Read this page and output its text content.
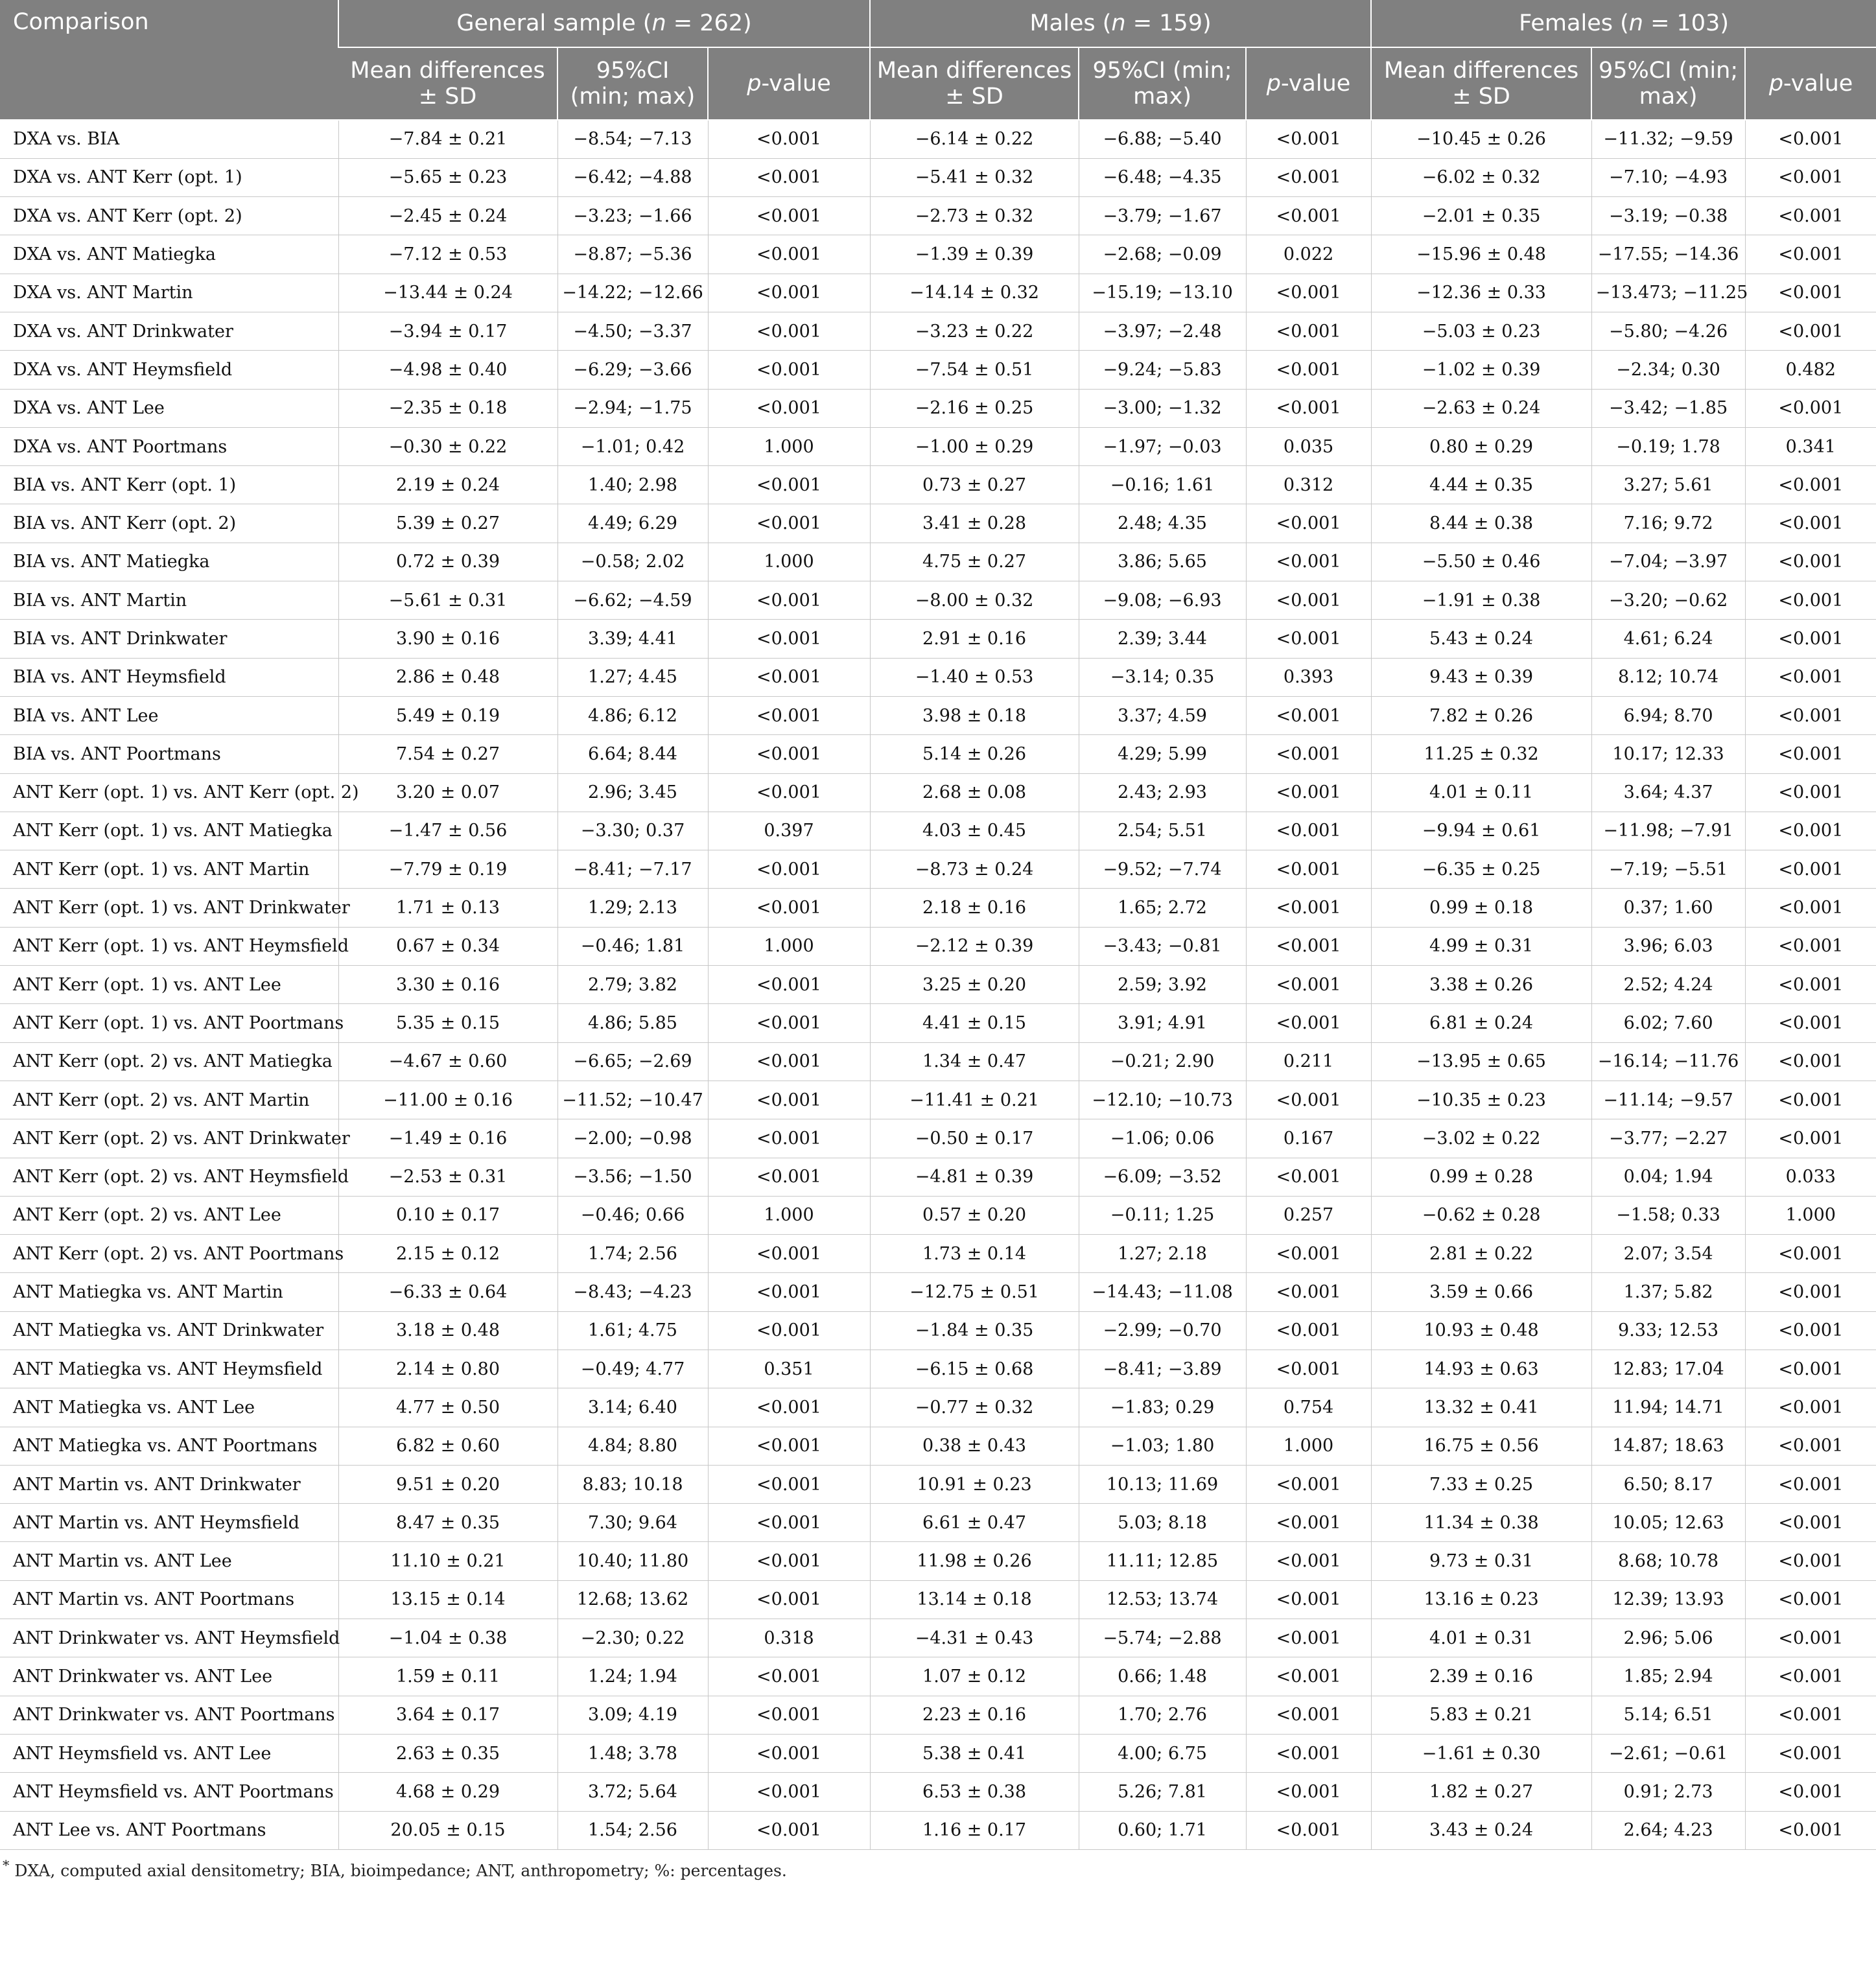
Comparison	General sample (n = 262)			Males (n = 159)			Females (n = 103)		
	Mean differences ± SD	95%CI (min; max)	p-value	Mean differences ± SD	95%CI (min; max)	p-value	Mean differences ± SD	95%CI (min; max)	p-value
DXA vs. BIA	−7.84 ± 0.21	−8.54; −7.13	<0.001	−6.14 ± 0.22	−6.88; −5.40	<0.001	−10.45 ± 0.26	−11.32; −9.59	<0.001
DXA vs. ANT Kerr (opt. 1)	−5.65 ± 0.23	−6.42; −4.88	<0.001	−5.41 ± 0.32	−6.48; −4.35	<0.001	−6.02 ± 0.32	−7.10; −4.93	<0.001
DXA vs. ANT Kerr (opt. 2)	−2.45 ± 0.24	−3.23; −1.66	<0.001	−2.73 ± 0.32	−3.79; −1.67	<0.001	−2.01 ± 0.35	−3.19; −0.38	<0.001
DXA vs. ANT Matiegka	−7.12 ± 0.53	−8.87; −5.36	<0.001	−1.39 ± 0.39	−2.68; −0.09	0.022	−15.96 ± 0.48	−17.55; −14.36	<0.001
DXA vs. ANT Martin	−13.44 ± 0.24	−14.22; −12.66	<0.001	−14.14 ± 0.32	−15.19; −13.10	<0.001	−12.36 ± 0.33	−13.473; −11.25	<0.001
DXA vs. ANT Drinkwater	−3.94 ± 0.17	−4.50; −3.37	<0.001	−3.23 ± 0.22	−3.97; −2.48	<0.001	−5.03 ± 0.23	−5.80; −4.26	<0.001
DXA vs. ANT Heymsfield	−4.98 ± 0.40	−6.29; −3.66	<0.001	−7.54 ± 0.51	−9.24; −5.83	<0.001	−1.02 ± 0.39	−2.34; 0.30	0.482
DXA vs. ANT Lee	−2.35 ± 0.18	−2.94; −1.75	<0.001	−2.16 ± 0.25	−3.00; −1.32	<0.001	−2.63 ± 0.24	−3.42; −1.85	<0.001
DXA vs. ANT Poortmans	−0.30 ± 0.22	−1.01; 0.42	1.000	−1.00 ± 0.29	−1.97; −0.03	0.035	0.80 ± 0.29	−0.19; 1.78	0.341
BIA vs. ANT Kerr (opt. 1)	2.19 ± 0.24	1.40; 2.98	<0.001	0.73 ± 0.27	−0.16; 1.61	0.312	4.44 ± 0.35	3.27; 5.61	<0.001
BIA vs. ANT Kerr (opt. 2)	5.39 ± 0.27	4.49; 6.29	<0.001	3.41 ± 0.28	2.48; 4.35	<0.001	8.44 ± 0.38	7.16; 9.72	<0.001
BIA vs. ANT Matiegka	0.72 ± 0.39	−0.58; 2.02	1.000	4.75 ± 0.27	3.86; 5.65	<0.001	−5.50 ± 0.46	−7.04; −3.97	<0.001
BIA vs. ANT Martin	−5.61 ± 0.31	−6.62; −4.59	<0.001	−8.00 ± 0.32	−9.08; −6.93	<0.001	−1.91 ± 0.38	−3.20; −0.62	<0.001
BIA vs. ANT Drinkwater	3.90 ± 0.16	3.39; 4.41	<0.001	2.91 ± 0.16	2.39; 3.44	<0.001	5.43 ± 0.24	4.61; 6.24	<0.001
BIA vs. ANT Heymsfield	2.86 ± 0.48	1.27; 4.45	<0.001	−1.40 ± 0.53	−3.14; 0.35	0.393	9.43 ± 0.39	8.12; 10.74	<0.001
BIA vs. ANT Lee	5.49 ± 0.19	4.86; 6.12	<0.001	3.98 ± 0.18	3.37; 4.59	<0.001	7.82 ± 0.26	6.94; 8.70	<0.001
BIA vs. ANT Poortmans	7.54 ± 0.27	6.64; 8.44	<0.001	5.14 ± 0.26	4.29; 5.99	<0.001	11.25 ± 0.32	10.17; 12.33	<0.001
ANT Kerr (opt. 1) vs. ANT Kerr (opt. 2)	3.20 ± 0.07	2.96; 3.45	<0.001	2.68 ± 0.08	2.43; 2.93	<0.001	4.01 ± 0.11	3.64; 4.37	<0.001
ANT Kerr (opt. 1) vs. ANT Matiegka	−1.47 ± 0.56	−3.30; 0.37	0.397	4.03 ± 0.45	2.54; 5.51	<0.001	−9.94 ± 0.61	−11.98; −7.91	<0.001
ANT Kerr (opt. 1) vs. ANT Martin	−7.79 ± 0.19	−8.41; −7.17	<0.001	−8.73 ± 0.24	−9.52; −7.74	<0.001	−6.35 ± 0.25	−7.19; −5.51	<0.001
ANT Kerr (opt. 1) vs. ANT Drinkwater	1.71 ± 0.13	1.29; 2.13	<0.001	2.18 ± 0.16	1.65; 2.72	<0.001	0.99 ± 0.18	0.37; 1.60	<0.001
ANT Kerr (opt. 1) vs. ANT Heymsfield	0.67 ± 0.34	−0.46; 1.81	1.000	−2.12 ± 0.39	−3.43; −0.81	<0.001	4.99 ± 0.31	3.96; 6.03	<0.001
ANT Kerr (opt. 1) vs. ANT Lee	3.30 ± 0.16	2.79; 3.82	<0.001	3.25 ± 0.20	2.59; 3.92	<0.001	3.38 ± 0.26	2.52; 4.24	<0.001
ANT Kerr (opt. 1) vs. ANT Poortmans	5.35 ± 0.15	4.86; 5.85	<0.001	4.41 ± 0.15	3.91; 4.91	<0.001	6.81 ± 0.24	6.02; 7.60	<0.001
ANT Kerr (opt. 2) vs. ANT Matiegka	−4.67 ± 0.60	−6.65; −2.69	<0.001	1.34 ± 0.47	−0.21; 2.90	0.211	−13.95 ± 0.65	−16.14; −11.76	<0.001
ANT Kerr (opt. 2) vs. ANT Martin	−11.00 ± 0.16	−11.52; −10.47	<0.001	−11.41 ± 0.21	−12.10; −10.73	<0.001	−10.35 ± 0.23	−11.14; −9.57	<0.001
ANT Kerr (opt. 2) vs. ANT Drinkwater	−1.49 ± 0.16	−2.00; −0.98	<0.001	−0.50 ± 0.17	−1.06; 0.06	0.167	−3.02 ± 0.22	−3.77; −2.27	<0.001
ANT Kerr (opt. 2) vs. ANT Heymsfield	−2.53 ± 0.31	−3.56; −1.50	<0.001	−4.81 ± 0.39	−6.09; −3.52	<0.001	0.99 ± 0.28	0.04; 1.94	0.033
ANT Kerr (opt. 2) vs. ANT Lee	0.10 ± 0.17	−0.46; 0.66	1.000	0.57 ± 0.20	−0.11; 1.25	0.257	−0.62 ± 0.28	−1.58; 0.33	1.000
ANT Kerr (opt. 2) vs. ANT Poortmans	2.15 ± 0.12	1.74; 2.56	<0.001	1.73 ± 0.14	1.27; 2.18	<0.001	2.81 ± 0.22	2.07; 3.54	<0.001
ANT Matiegka vs. ANT Martin	−6.33 ± 0.64	−8.43; −4.23	<0.001	−12.75 ± 0.51	−14.43; −11.08	<0.001	3.59 ± 0.66	1.37; 5.82	<0.001
ANT Matiegka vs. ANT Drinkwater	3.18 ± 0.48	1.61; 4.75	<0.001	−1.84 ± 0.35	−2.99; −0.70	<0.001	10.93 ± 0.48	9.33; 12.53	<0.001
ANT Matiegka vs. ANT Heymsfield	2.14 ± 0.80	−0.49; 4.77	0.351	−6.15 ± 0.68	−8.41; −3.89	<0.001	14.93 ± 0.63	12.83; 17.04	<0.001
ANT Matiegka vs. ANT Lee	4.77 ± 0.50	3.14; 6.40	<0.001	−0.77 ± 0.32	−1.83; 0.29	0.754	13.32 ± 0.41	11.94; 14.71	<0.001
ANT Matiegka vs. ANT Poortmans	6.82 ± 0.60	4.84; 8.80	<0.001	0.38 ± 0.43	−1.03; 1.80	1.000	16.75 ± 0.56	14.87; 18.63	<0.001
ANT Martin vs. ANT Drinkwater	9.51 ± 0.20	8.83; 10.18	<0.001	10.91 ± 0.23	10.13; 11.69	<0.001	7.33 ± 0.25	6.50; 8.17	<0.001
ANT Martin vs. ANT Heymsfield	8.47 ± 0.35	7.30; 9.64	<0.001	6.61 ± 0.47	5.03; 8.18	<0.001	11.34 ± 0.38	10.05; 12.63	<0.001
ANT Martin vs. ANT Lee	11.10 ± 0.21	10.40; 11.80	<0.001	11.98 ± 0.26	11.11; 12.85	<0.001	9.73 ± 0.31	8.68; 10.78	<0.001
ANT Martin vs. ANT Poortmans	13.15 ± 0.14	12.68; 13.62	<0.001	13.14 ± 0.18	12.53; 13.74	<0.001	13.16 ± 0.23	12.39; 13.93	<0.001
ANT Drinkwater vs. ANT Heymsfield	−1.04 ± 0.38	−2.30; 0.22	0.318	−4.31 ± 0.43	−5.74; −2.88	<0.001	4.01 ± 0.31	2.96; 5.06	<0.001
ANT Drinkwater vs. ANT Lee	1.59 ± 0.11	1.24; 1.94	<0.001	1.07 ± 0.12	0.66; 1.48	<0.001	2.39 ± 0.16	1.85; 2.94	<0.001
ANT Drinkwater vs. ANT Poortmans	3.64 ± 0.17	3.09; 4.19	<0.001	2.23 ± 0.16	1.70; 2.76	<0.001	5.83 ± 0.21	5.14; 6.51	<0.001
ANT Heymsfield vs. ANT Lee	2.63 ± 0.35	1.48; 3.78	<0.001	5.38 ± 0.41	4.00; 6.75	<0.001	−1.61 ± 0.30	−2.61; −0.61	<0.001
ANT Heymsfield vs. ANT Poortmans	4.68 ± 0.29	3.72; 5.64	<0.001	6.53 ± 0.38	5.26; 7.81	<0.001	1.82 ± 0.27	0.91; 2.73	<0.001
ANT Lee vs. ANT Poortmans	20.05 ± 0.15	1.54; 2.56	<0.001	1.16 ± 0.17	0.60; 1.71	<0.001	3.43 ± 0.24	2.64; 4.23	<0.001
* DXA, computed axial densitometry; BIA, bioimpedance; ANT, anthropometry; %: percentages.
